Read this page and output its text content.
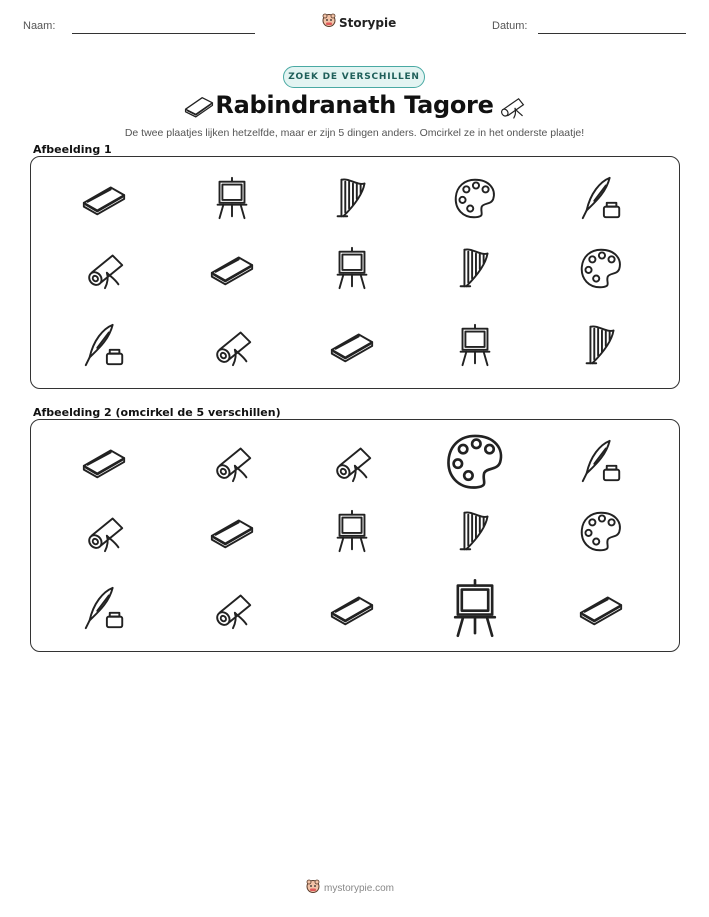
Naam:	Storypie	Datum:
ZOEK DE VERSCHILLEN
Rabindranath Tagore
De twee plaatjes lijken hetzelfde, maar er zijn 5 dingen anders. Omcirkel ze in het onderste plaatje!
Afbeelding 1
Afbeelding 2 (omcirkel de 5 verschillen)
mystorypie.com
